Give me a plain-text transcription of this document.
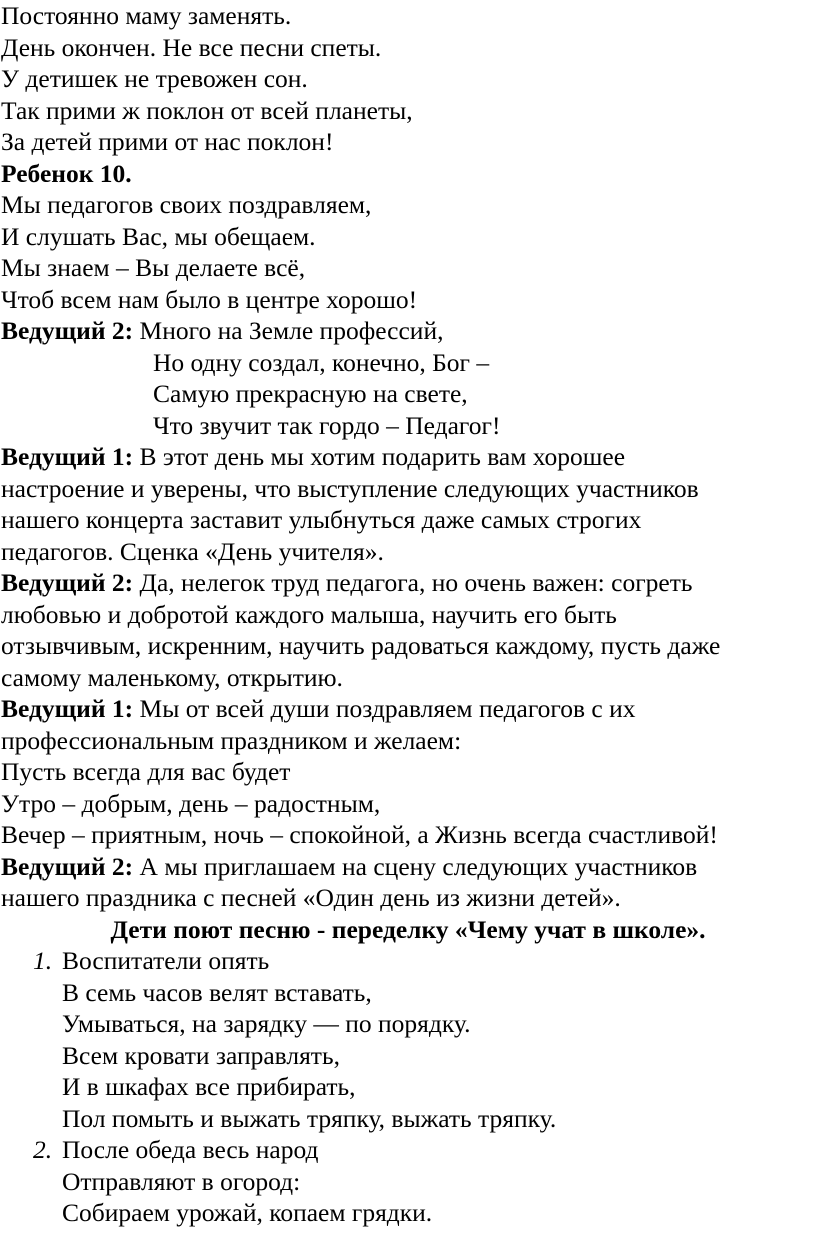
Постоянно маму заменять.
День окончен. Не все песни спеты.
У детишек не тревожен сон.
Так прими ж поклон от всей планеты,
За детей прими от нас поклон!
Ребенок 10.
Мы педагогов своих поздравляем,
И слушать Вас, мы обещаем.
Мы знаем – Вы делаете всё,
Чтоб всем нам было в центре хорошо!
Ведущий 2: Много на Земле профессий,
Но одну создал, конечно, Бог –
Самую прекрасную на свете,
Что звучит так гордо – Педагог!
Ведущий 1: В этот день мы хотим подарить вам хорошее
настроение и уверены, что выступление следующих участников
нашего концерта заставит улыбнуться даже самых строгих
педагогов. Сценка «День учителя».
Ведущий 2: Да, нелегок труд педагога, но очень важен: согреть
любовью и добротой каждого малыша, научить его быть
отзывчивым, искренним, научить радоваться каждому, пусть даже
самому маленькому, открытию.
Ведущий 1: Мы от всей души поздравляем педагогов с их
профессиональным праздником и желаем:
Пусть всегда для вас будет
Утро – добрым, день – радостным,
Вечер – приятным, ночь – спокойной, а Жизнь всегда счастливой!
Ведущий 2: А мы приглашаем на сцену следующих участников
нашего праздника с песней «Один день из жизни детей».
Дети поют песню - переделку «Чему учат в школе».
1. Воспитатели опять
В семь часов велят вставать,
Умываться, на зарядку — по порядку.
Всем кровати заправлять,
И в шкафах все прибирать,
Пол помыть и выжать тряпку, выжать тряпку.
2. После обеда весь народ
Отправляют в огород:
Собираем урожай, копаем грядки.
